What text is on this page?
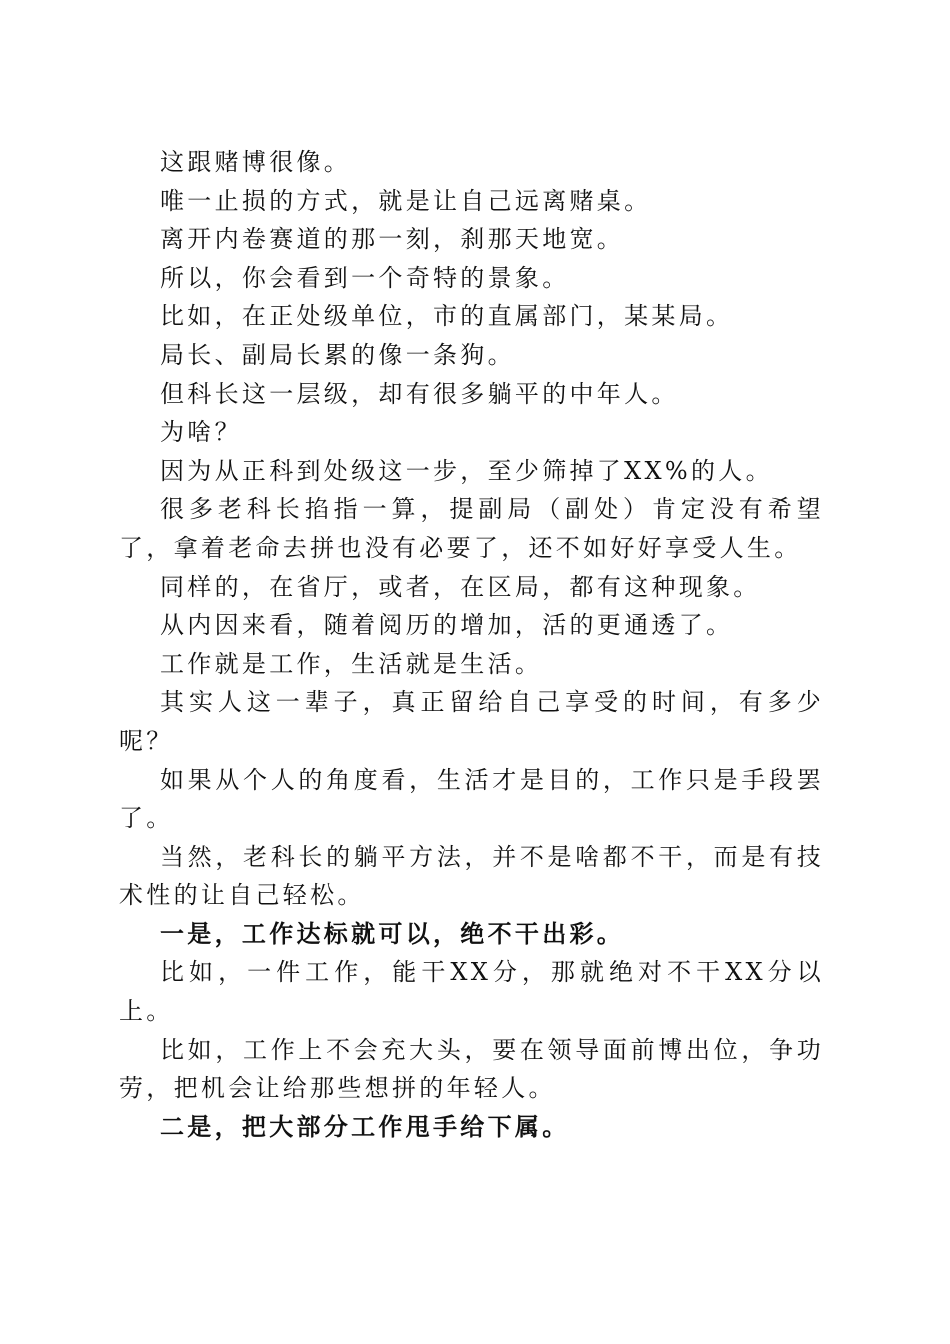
这跟赌博很像。

唯一止损的方式，就是让自己远离赌桌。

离开内卷赛道的那一刻，刹那天地宽。

所以，你会看到一个奇特的景象。

比如，在正处级单位，市的直属部门，某某局。

局长、副局长累的像一条狗。

但科长这一层级，却有很多躺平的中年人。

为啥？

因为从正科到处级这一步，至少筛掉了XX%的人。

很多老科长掐指一算，提副局（副处）肯定没有希望了，拿着老命去拼也没有必要了，还不如好好享受人生。

同样的，在省厅，或者，在区局，都有这种现象。

从内因来看，随着阅历的增加，活的更通透了。

工作就是工作，生活就是生活。

其实人这一辈子，真正留给自己享受的时间，有多少呢？

如果从个人的角度看，生活才是目的，工作只是手段罢了。

当然，老科长的躺平方法，并不是啥都不干，而是有技术性的让自己轻松。

一是，工作达标就可以，绝不干出彩。

比如，一件工作，能干XX分，那就绝对不干XX分以上。

比如，工作上不会充大头，要在领导面前博出位，争功劳，把机会让给那些想拼的年轻人。

二是，把大部分工作甩手给下属。
